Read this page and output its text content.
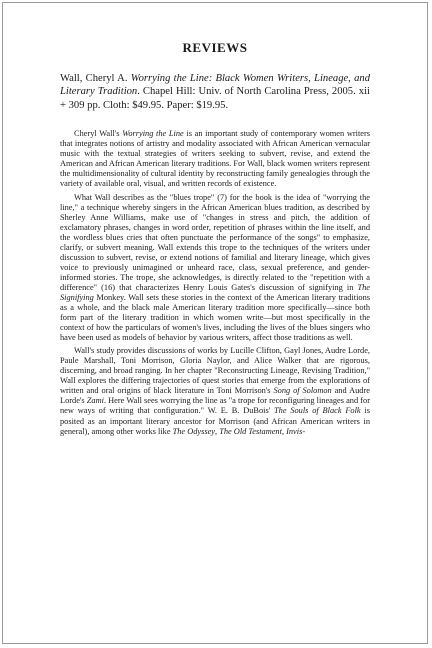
REVIEWS

Wall, Cheryl A. Worrying the Line: Black Women Writers, Lineage, and Literary Tradition. Chapel Hill: Univ. of North Carolina Press, 2005. xii + 309 pp. Cloth: $49.95. Paper: $19.95.

Cheryl Wall's Worrying the Line is an important study of contemporary women writers that integrates notions of artistry and modality associated with African American vernacular music with the textual strategies of writers seeking to subvert, revise, and extend the American and African American literary traditions. For Wall, black women writers represent the multidimensionality of cultural identity by reconstructing family genealogies through the variety of available oral, visual, and written records of existence.

What Wall describes as the "blues trope" (7) for the book is the idea of "worrying the line," a technique whereby singers in the African American blues tradition, as described by Sherley Anne Williams, make use of "changes in stress and pitch, the addition of exclamatory phrases, changes in word order, repetition of phrases within the line itself, and the wordless blues cries that often punctuate the performance of the songs" to emphasize, clarify, or subvert meaning. Wall extends this trope to the techniques of the writers under discussion to subvert, revise, or extend notions of familial and literary lineage, which gives voice to previously unimagined or unheard race, class, sexual preference, and gender-informed stories. The trope, she acknowledges, is directly related to the "repetition with a difference" (16) that characterizes Henry Louis Gates's discussion of signifying in The Signifying Monkey. Wall sets these stories in the context of the American literary traditions as a whole, and the black male American literary tradition more specifically—since both form part of the literary tradition in which women write—but most specifically in the context of how the particulars of women's lives, including the lives of the blues singers who have been used as models of behavior by various writers, affect those traditions as well.

Wall's study provides discussions of works by Lucille Clifton, Gayl Jones, Audre Lorde, Paule Marshall, Toni Morrison, Gloria Naylor, and Alice Walker that are rigorous, discerning, and broad ranging. In her chapter "Reconstructing Lineage, Revising Tradition," Wall explores the differing trajectories of quest stories that emerge from the explorations of written and oral origins of black literature in Toni Morrison's Song of Solomon and Audre Lorde's Zami. Here Wall sees worrying the line as "a trope for reconfiguring lineages and for new ways of writing that configuration." W. E. B. DuBois' The Souls of Black Folk is posited as an important literary ancestor for Morrison (and African American writers in general), among other works like The Odyssey, The Old Testament, Invis-
